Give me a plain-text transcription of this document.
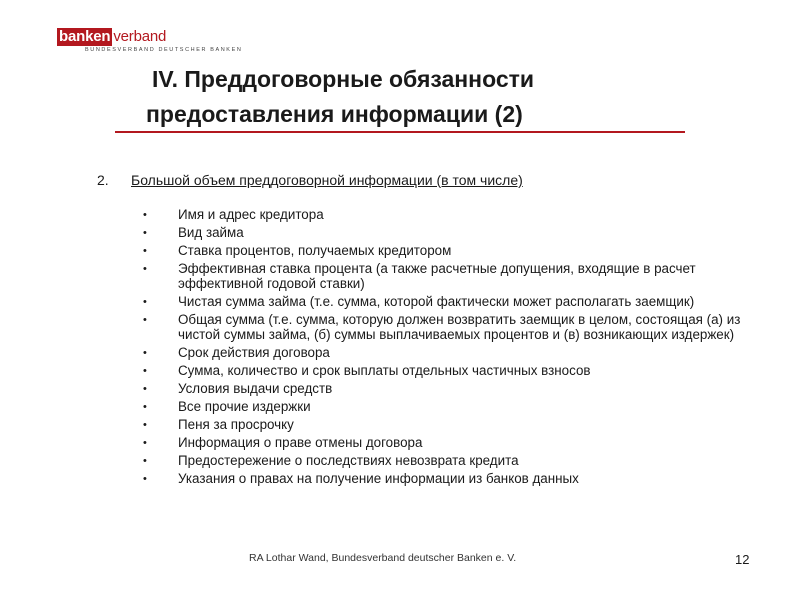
banken verband
BUNDESVERBAND DEUTSCHER BANKEN
IV. Преддоговорные обязанности
предоставления информации (2)
2. Большой объем преддоговорной информации (в том числе)
•	Имя и адрес кредитора
•	Вид займа
•	Ставка процентов, получаемых кредитором
•	Эффективная ставка процента (а также расчетные допущения, входящие в расчет эффективной годовой ставки)
•	Чистая сумма займа (т.е. сумма, которой фактически может располагать заемщик)
•	Общая сумма (т.е. сумма, которую должен возвратить заемщик в целом, состоящая (а) из чистой суммы займа, (б) суммы выплачиваемых процентов и (в) возникающих издержек)
•	Срок действия договора
•	Сумма, количество и срок выплаты отдельных частичных взносов
•	Условия выдачи средств
•	Все прочие издержки
•	Пеня за просрочку
•	Информация о праве отмены договора
•	Предостережение о последствиях невозврата кредита
•	Указания о правах на получение информации из банков данных
RA Lothar Wand, Bundesverband deutscher Banken e. V.	12
